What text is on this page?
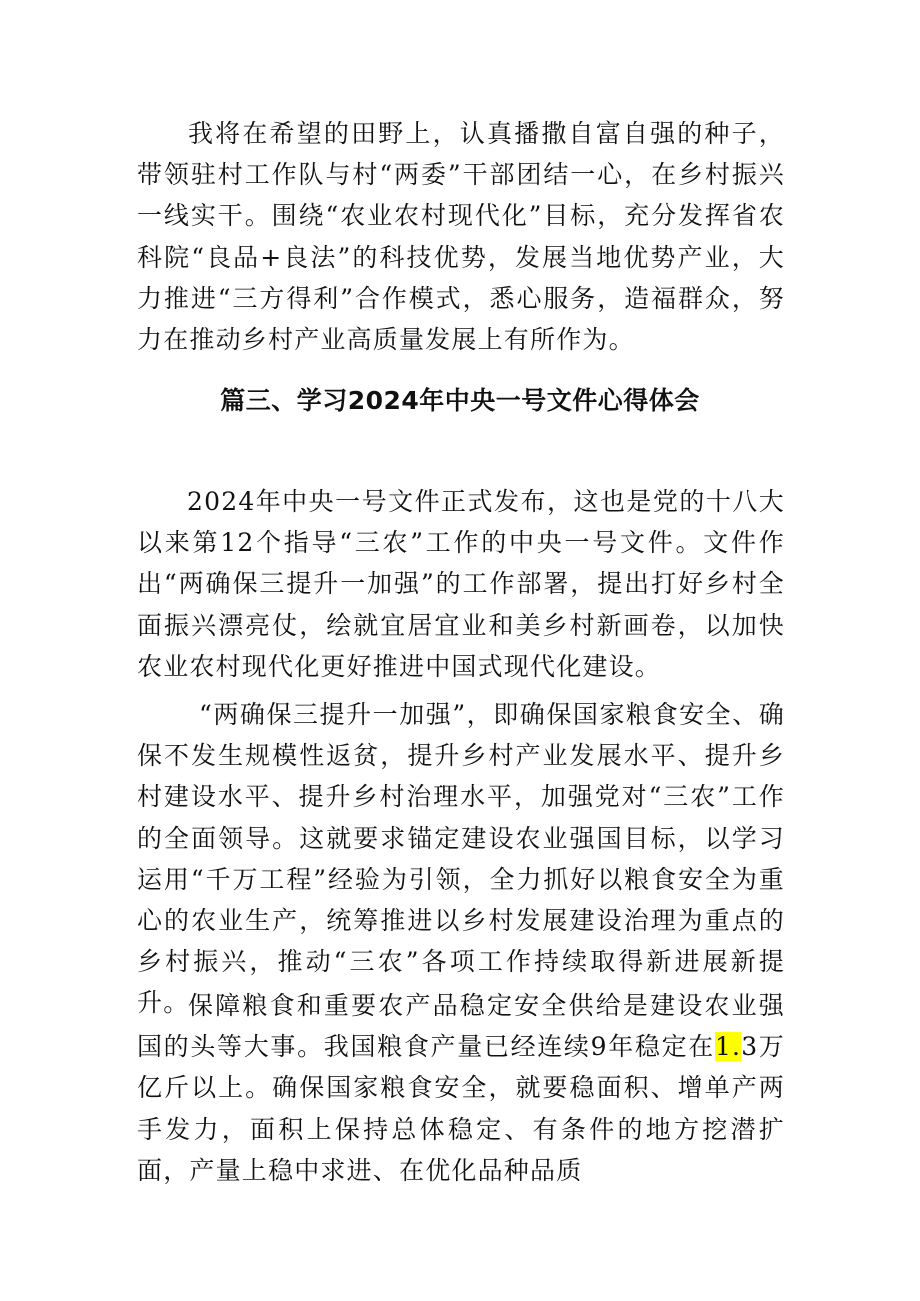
我将在希望的田野上，认真播撒自富自强的种子，带领驻村工作队与村“两委”干部团结一心，在乡村振兴一线实干。围绕“农业农村现代化”目标，充分发挥省农科院“良品+良法”的科技优势，发展当地优势产业，大力推进“三方得利”合作模式，悉心服务，造福群众，努力在推动乡村产业高质量发展上有所作为。

篇三、学习2024年中央一号文件心得体会

2024年中央一号文件正式发布，这也是党的十八大以来第12个指导“三农”工作的中央一号文件。文件作出“两确保三提升一加强”的工作部署，提出打好乡村全面振兴漂亮仗，绘就宜居宜业和美乡村新画卷，以加快农业农村现代化更好推进中国式现代化建设。

“两确保三提升一加强”，即确保国家粮食安全、确保不发生规模性返贫，提升乡村产业发展水平、提升乡村建设水平、提升乡村治理水平，加强党对“三农”工作的全面领导。这就要求锚定建设农业强国目标，以学习运用“千万工程”经验为引领，全力抓好以粮食安全为重心的农业生产，统筹推进以乡村发展建设治理为重点的乡村振兴，推动“三农”各项工作持续取得新进展新提升。

保障粮食和重要农产品稳定安全供给是建设农业强国的头等大事。我国粮食产量已经连续9年稳定在1.3万亿斤以上。确保国家粮食安全，就要稳面积、增单产两手发力，面积上保持总体稳定、有条件的地方挖潜扩面，产量上稳中求进、在优化品种品质
